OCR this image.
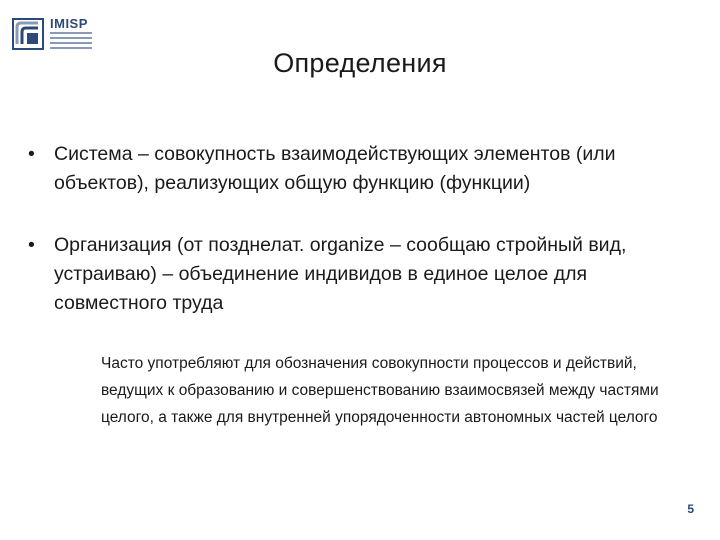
IMISP
Определения
• Система – совокупность взаимодействующих элементов (или объектов), реализующих общую функцию (функции)
• Организация (от позднелат. organize – сообщаю стройный вид, устраиваю) – объединение индивидов в единое целое для совместного труда
Часто употребляют для обозначения совокупности процессов и действий, ведущих к образованию и совершенствованию взаимосвязей между частями целого, а также для внутренней упорядоченности автономных частей целого
5
